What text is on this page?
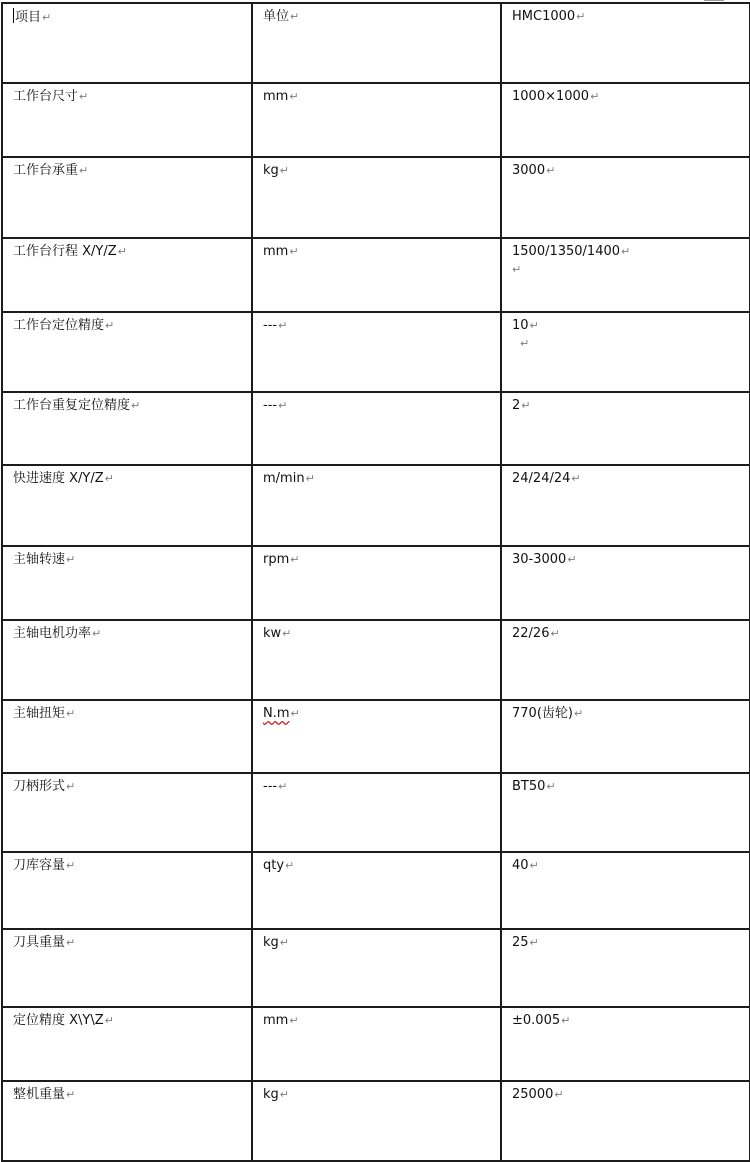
项目↵	单位↵	HMC1000↵
工作台尺寸↵	mm↵	1000×1000↵
工作台承重↵	kg↵	3000↵
工作台行程 X/Y/Z↵	mm↵	1500/1350/1400↵
↵

工作台定位精度↵	---↵	10↵
↵

工作台重复定位精度↵	---↵	2↵
快进速度 X/Y/Z↵	m/min↵	24/24/24↵
主轴转速↵	rpm↵	30-3000↵
主轴电机功率↵	kw↵	22/26↵
主轴扭矩↵	N.m↵	770(齿轮)↵
刀柄形式↵	---↵	BT50↵
刀库容量↵	qty↵	40↵
刀具重量↵	kg↵	25↵
定位精度 X\Y\Z↵	mm↵	±0.005↵
整机重量↵	kg↵	25000↵
